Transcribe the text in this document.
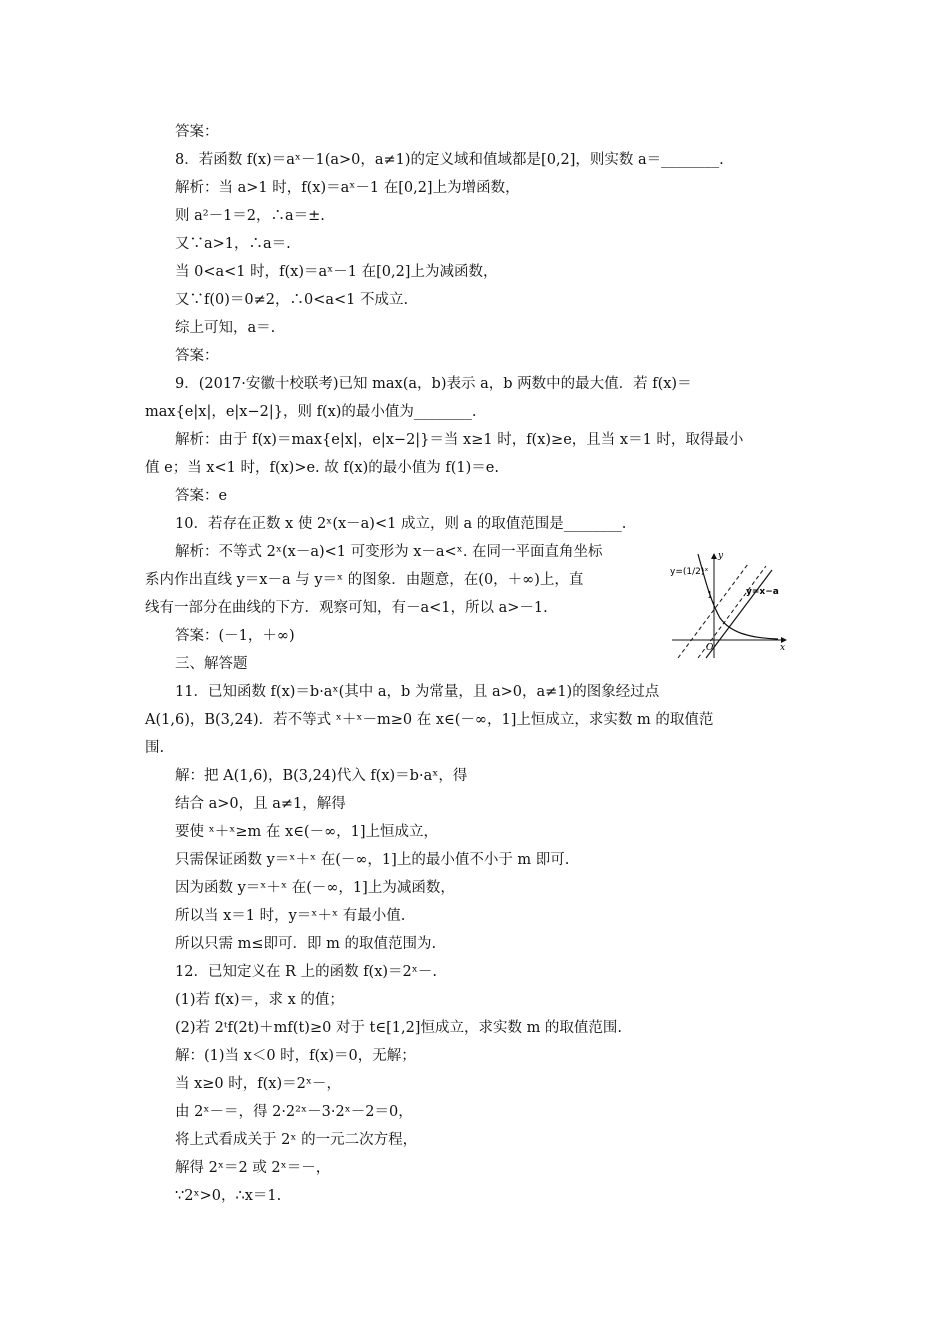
答案：
8．若函数 f(x)＝aˣ－1(a>0，a≠1)的定义域和值域都是[0,2]，则实数 a＝________.
解析：当 a>1 时，f(x)＝aˣ－1 在[0,2]上为增函数，
则 a²－1＝2，∴a＝±.
又∵a>1，∴a＝.
当 0<a<1 时，f(x)＝aˣ－1 在[0,2]上为减函数，
又∵f(0)＝0≠2，∴0<a<1 不成立.
综上可知，a＝.
答案：
9．(2017·安徽十校联考)已知 max(a，b)表示 a，b 两数中的最大值．若 f(x)＝
max{e|x|，e|x−2|}，则 f(x)的最小值为________.
解析：由于 f(x)＝max{e|x|，e|x−2|}＝当 x≥1 时，f(x)≥e，且当 x＝1 时，取得最小
值 e；当 x<1 时，f(x)>e. 故 f(x)的最小值为 f(1)＝e.
答案：e
10．若存在正数 x 使 2ˣ(x－a)<1 成立，则 a 的取值范围是________.
解析：不等式 2ˣ(x－a)<1 可变形为 x－a<ˣ. 在同一平面直角坐标
系内作出直线 y＝x－a 与 y＝ˣ 的图象．由题意，在(0，＋∞)上，直
线有一部分在曲线的下方．观察可知，有－a<1，所以 a>－1.
答案：(－1，＋∞)
三、解答题
11．已知函数 f(x)＝b·aˣ(其中 a，b 为常量，且 a>0，a≠1)的图象经过点
A(1,6)，B(3,24)．若不等式 ˣ＋ˣ－m≥0 在 x∈(－∞，1]上恒成立，求实数 m 的取值范
围.
解：把 A(1,6)，B(3,24)代入 f(x)＝b·aˣ，得
结合 a>0，且 a≠1，解得
要使 ˣ＋ˣ≥m 在 x∈(－∞，1]上恒成立，
只需保证函数 y＝ˣ＋ˣ 在(－∞，1]上的最小值不小于 m 即可.
因为函数 y＝ˣ＋ˣ 在(－∞，1]上为减函数，
所以当 x＝1 时，y＝ˣ＋ˣ 有最小值.
所以只需 m≤即可．即 m 的取值范围为.
12．已知定义在 R 上的函数 f(x)＝2ˣ－.
(1)若 f(x)＝，求 x 的值；
(2)若 2ᵗf(2t)＋mf(t)≥0 对于 t∈[1,2]恒成立，求实数 m 的取值范围.
解：(1)当 x＜0 时，f(x)＝0，无解；
当 x≥0 时，f(x)＝2ˣ－，
由 2ˣ－＝，得 2·2²ˣ－3·2ˣ－2＝0，
将上式看成关于 2ˣ 的一元二次方程，
解得 2ˣ＝2 或 2ˣ＝－，
∵2ˣ>0，∴x＝1.
y=(1/2)ˣ
y=x−a
y
x
O
1
